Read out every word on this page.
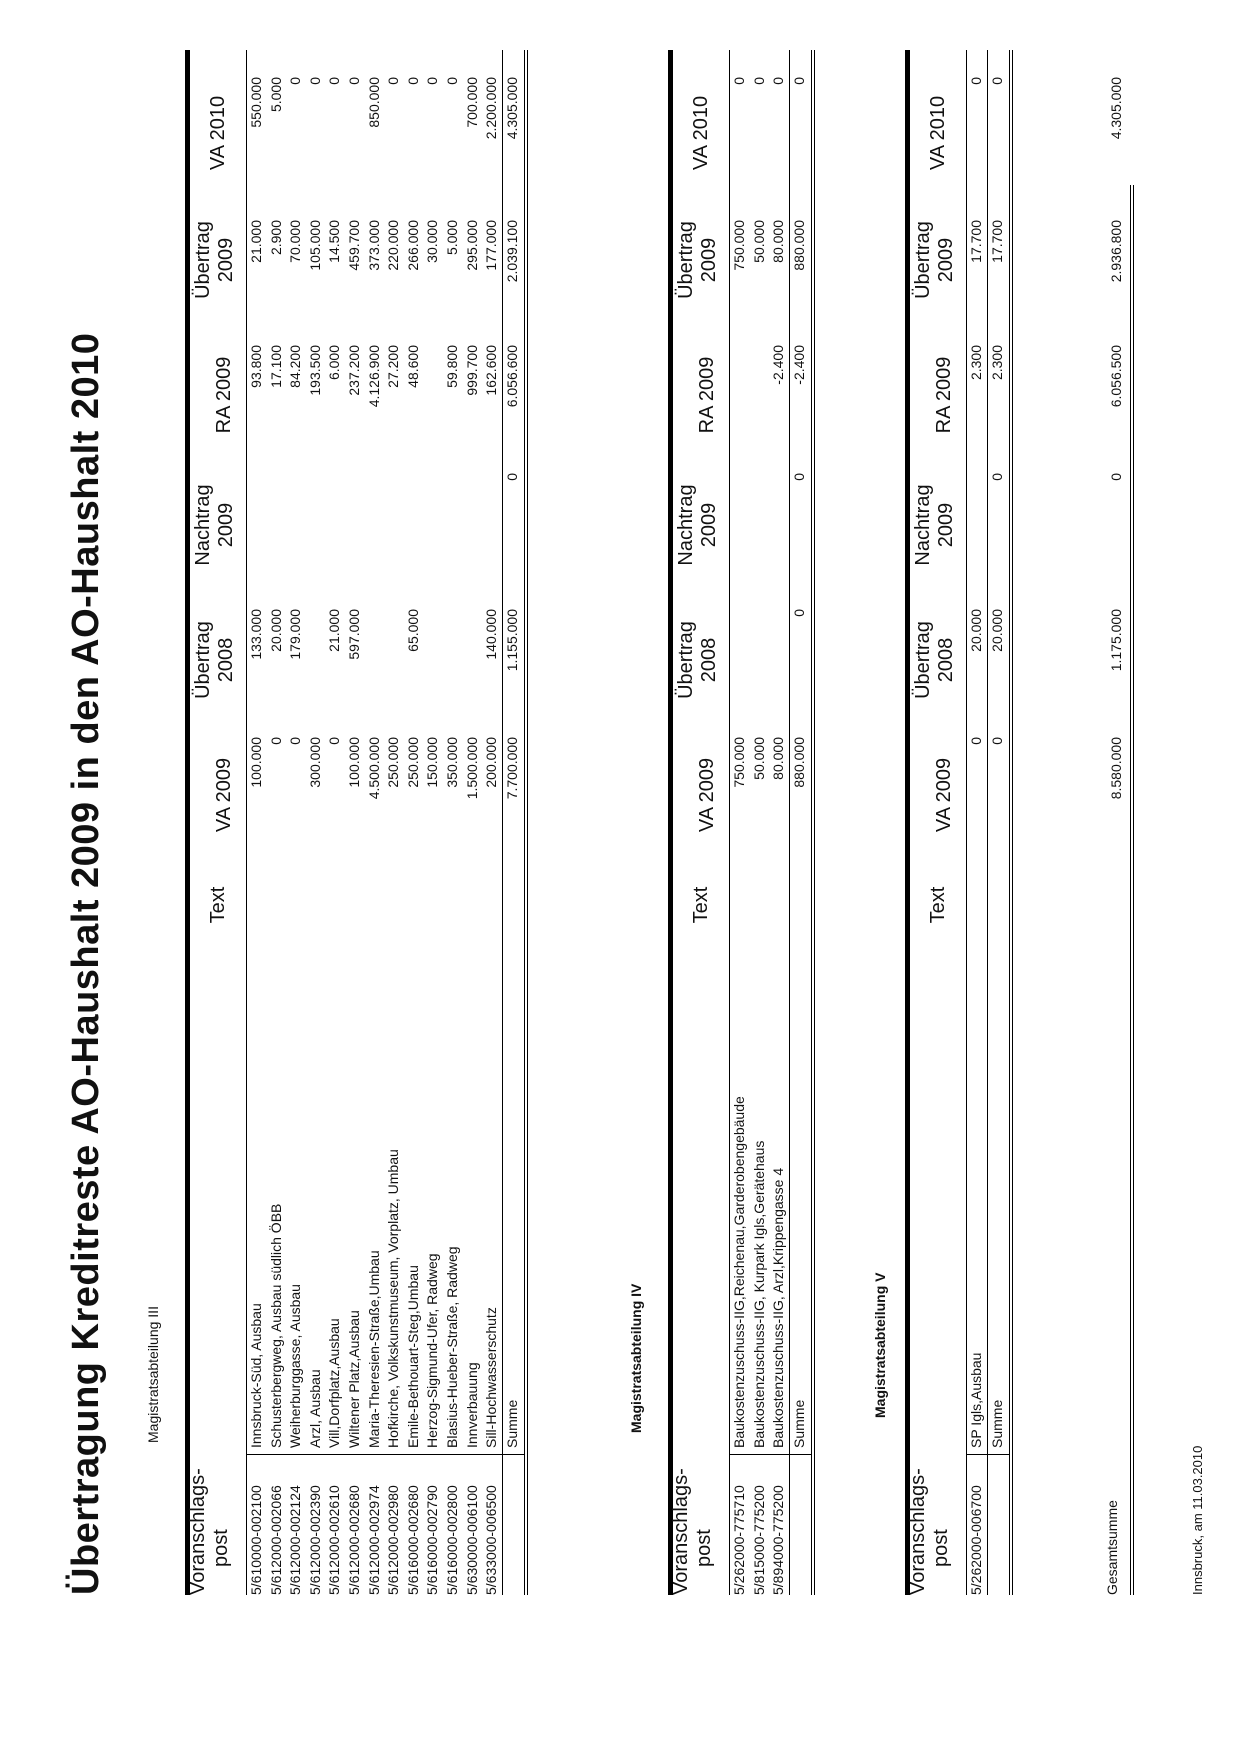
Übertragung Kreditreste AO-Haushalt 2009 in den AO-Haushalt 2010	Magistratsabteilung III
Voranschlags- post
Text
VA 2009
Übertrag 2008
Nachtrag 2009
RA 2009
Übertrag 2009
VA 2010
5/610000-002100
Innsbruck-Süd, Ausbau
100.000
133.000
93.800
21.000
550.000
5/612000-002066
Schusterbergweg, Ausbau südlich ÖBB
0
20.000
17.100
2.900
5.000
5/612000-002124
Weiherburggasse, Ausbau
0
179.000
84.200
70.000
0
5/612000-002390
Arzl, Ausbau
300.000
193.500
105.000
0
5/612000-002610
Vill,Dorfplatz,Ausbau
0
21.000
6.000
14.500
0
5/612000-002680
Wiltener Platz,Ausbau
100.000
597.000
237.200
459.700
0
5/612000-002974
Maria-Theresien-Straße,Umbau
4.500.000
4.126.900
373.000
850.000
5/612000-002980
Hofkirche, Volkskunstmuseum, Vorplatz, Umbau
250.000
27.200
220.000
0
5/616000-002680
Emile-Bethouart-Steg,Umbau
250.000
65.000
48.600
266.000
0
5/616000-002790
Herzog-Sigmund-Ufer, Radweg
150.000
30.000
0
5/616000-002800
Blasius-Hueber-Straße, Radweg
350.000
59.800
5.000
0
5/630000-006100
Innverbauung
1.500.000
999.700
295.000
700.000
5/633000-006500
Sill-Hochwasserschutz
200.000
140.000
162.600
177.000
2.200.000
Summe
7.700.000
1.155.000
0
6.056.600
2.039.100
4.305.000
Magistratsabteilung IV
Voranschlags- post
Text
VA 2009
Übertrag 2008
Nachtrag 2009
RA 2009
Übertrag 2009
VA 2010
5/262000-775710
Baukostenzuschuss-IIG,Reichenau,Garderobengebäude
750.000
750.000
0
5/815000-775200
Baukostenzuschuss-IIG, Kurpark Igls,Gerätehaus
50.000
50.000
0
5/894000-775200
Baukostenzuschuss-IIG, Arzl,Krippengasse 4
80.000
-2.400
80.000
0
Summe
880.000
0
0
-2.400
880.000
0
Magistratsabteilung V
Voranschlags- post
Text
VA 2009
Übertrag 2008
Nachtrag 2009
RA 2009
Übertrag 2009
VA 2010
5/262000-006700
SP Igls,Ausbau
0
20.000
2.300
17.700
0
Summe
0
20.000
0
2.300
17.700
0
Gesamtsumme
8.580.000
1.175.000
0
6.056.500
2.936.800
4.305.000
Innsbruck, am 11.03.2010
